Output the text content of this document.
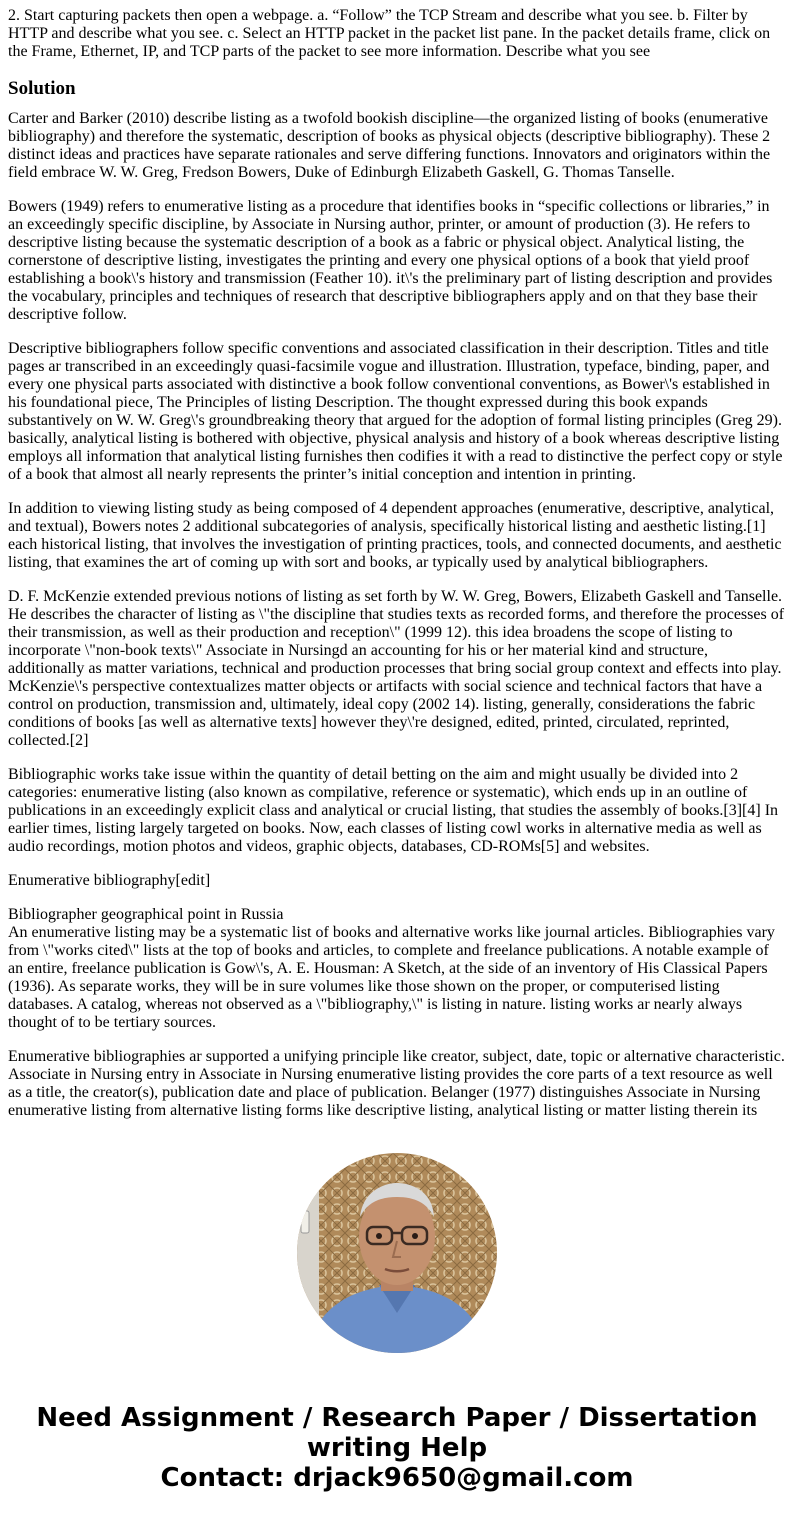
2. Start capturing packets then open a webpage. a. “Follow” the TCP Stream and describe what you see. b. Filter by HTTP and describe what you see. c. Select an HTTP packet in the packet list pane. In the packet details frame, click on the Frame, Ethernet, IP, and TCP parts of the packet to see more information. Describe what you see

Solution

Carter and Barker (2010) describe listing as a twofold bookish discipline—the organized listing of books (enumerative bibliography) and therefore the systematic, description of books as physical objects (descriptive bibliography). These 2 distinct ideas and practices have separate rationales and serve differing functions. Innovators and originators within the field embrace W. W. Greg, Fredson Bowers, Duke of Edinburgh Elizabeth Gaskell, G. Thomas Tanselle.

Bowers (1949) refers to enumerative listing as a procedure that identifies books in “specific collections or libraries,” in an exceedingly specific discipline, by Associate in Nursing author, printer, or amount of production (3). He refers to descriptive listing because the systematic description of a book as a fabric or physical object. Analytical listing, the cornerstone of descriptive listing, investigates the printing and every one physical options of a book that yield proof establishing a book\'s history and transmission (Feather 10). it\'s the preliminary part of listing description and provides the vocabulary, principles and techniques of research that descriptive bibliographers apply and on that they base their descriptive follow.

Descriptive bibliographers follow specific conventions and associated classification in their description. Titles and title pages ar transcribed in an exceedingly quasi-facsimile vogue and illustration. Illustration, typeface, binding, paper, and every one physical parts associated with distinctive a book follow conventional conventions, as Bower\'s established in his foundational piece, The Principles of listing Description. The thought expressed during this book expands substantively on W. W. Greg\'s groundbreaking theory that argued for the adoption of formal listing principles (Greg 29). basically, analytical listing is bothered with objective, physical analysis and history of a book whereas descriptive listing employs all information that analytical listing furnishes then codifies it with a read to distinctive the perfect copy or style of a book that almost all nearly represents the printer’s initial conception and intention in printing.

In addition to viewing listing study as being composed of 4 dependent approaches (enumerative, descriptive, analytical, and textual), Bowers notes 2 additional subcategories of analysis, specifically historical listing and aesthetic listing.[1] each historical listing, that involves the investigation of printing practices, tools, and connected documents, and aesthetic listing, that examines the art of coming up with sort and books, ar typically used by analytical bibliographers.

D. F. McKenzie extended previous notions of listing as set forth by W. W. Greg, Bowers, Elizabeth Gaskell and Tanselle. He describes the character of listing as \"the discipline that studies texts as recorded forms, and therefore the processes of their transmission, as well as their production and reception\" (1999 12). this idea broadens the scope of listing to incorporate \"non-book texts\" Associate in Nursingd an accounting for his or her material kind and structure, additionally as matter variations, technical and production processes that bring social group context and effects into play. McKenzie\'s perspective contextualizes matter objects or artifacts with social science and technical factors that have a control on production, transmission and, ultimately, ideal copy (2002 14). listing, generally, considerations the fabric conditions of books [as well as alternative texts] however they\'re designed, edited, printed, circulated, reprinted, collected.[2]

Bibliographic works take issue within the quantity of detail betting on the aim and might usually be divided into 2 categories: enumerative listing (also known as compilative, reference or systematic), which ends up in an outline of publications in an exceedingly explicit class and analytical or crucial listing, that studies the assembly of books.[3][4] In earlier times, listing largely targeted on books. Now, each classes of listing cowl works in alternative media as well as audio recordings, motion photos and videos, graphic objects, databases, CD-ROMs[5] and websites.

Enumerative bibliography[edit]

Bibliographer geographical point in Russia
An enumerative listing may be a systematic list of books and alternative works like journal articles. Bibliographies vary from \"works cited\" lists at the top of books and articles, to complete and freelance publications. A notable example of an entire, freelance publication is Gow\'s, A. E. Housman: A Sketch, at the side of an inventory of His Classical Papers (1936). As separate works, they will be in sure volumes like those shown on the proper, or computerised listing databases. A catalog, whereas not observed as a \"bibliography,\" is listing in nature. listing works ar nearly always thought of to be tertiary sources.

Enumerative bibliographies ar supported a unifying principle like creator, subject, date, topic or alternative characteristic. Associate in Nursing entry in Associate in Nursing enumerative listing provides the core parts of a text resource as well as a title, the creator(s), publication date and place of publication. Belanger (1977) distinguishes Associate in Nursing enumerative listing from alternative listing forms like descriptive listing, analytical listing or matter listing therein its

Need Assignment / Research Paper / Dissertation
writing Help
Contact: drjack9650@gmail.com
